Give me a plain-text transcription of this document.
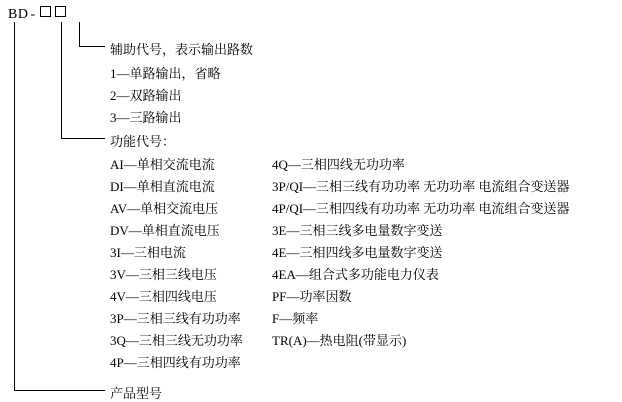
BD -
辅助代号，表示输出路数
1—单路输出，省略
2—双路输出
3—三路输出
功能代号：
AI—单相交流电流
DI—单相直流电流
AV—单相交流电压
DV—单相直流电压
3I—三相电流
3V—三相三线电压
4V—三相四线电压
3P—三相三线有功功率
3Q—三相三线无功功率
4P—三相四线有功功率
4Q—三相四线无功功率
3P/QI—三相三线有功功率 无功功率 电流组合变送器
4P/QI—三相四线有功功率 无功功率 电流组合变送器
3E—三相三线多电量数字变送
4E—三相四线多电量数字变送
4EA—组合式多功能电力仪表
PF—功率因数
F—频率
TR(A)—热电阻(带显示)
产品型号
